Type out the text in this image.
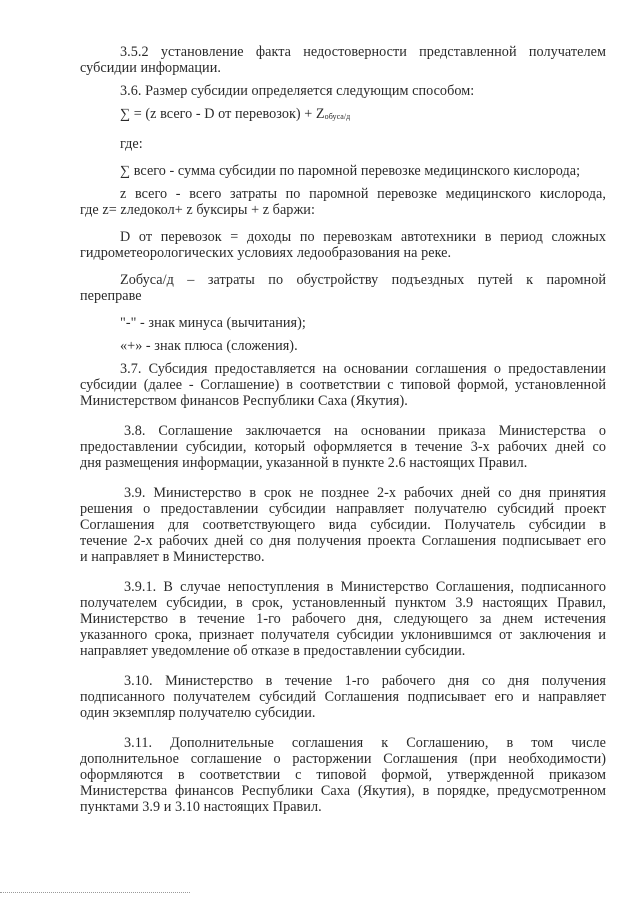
3.5.2 установление факта недостоверности представленной получателем
субсидии информации.
3.6. Размер субсидии определяется следующим способом:
∑ = (z всего - D от перевозок) + Zобуса/д
где:
∑ всего - сумма субсидии по паромной перевозке медицинского кислорода;
z всего - всего затраты по паромной перевозке медицинского кислорода,
где z= zледокол+ z буксиры + z баржи:
D от перевозок = доходы по перевозкам автотехники в период сложных
гидрометеорологических условиях ледообразования на реке.
Zобуса/д – затраты по обустройству подъездных путей к паромной
переправе
"-" - знак минуса (вычитания);
«+» - знак плюса (сложения).
3.7. Субсидия предоставляется на основании соглашения о предоставлении
субсидии (далее - Соглашение) в соответствии с типовой формой, установленной
Министерством финансов Республики Саха (Якутия).
3.8. Соглашение заключается на основании приказа Министерства о
предоставлении субсидии, который оформляется в течение 3-х рабочих дней со
дня размещения информации, указанной в пункте 2.6 настоящих Правил.
3.9. Министерство в срок не позднее 2-х рабочих дней со дня принятия
решения о предоставлении субсидии направляет получателю субсидий проект
Соглашения для соответствующего вида субсидии. Получатель субсидии в
течение 2-х рабочих дней со дня получения проекта Соглашения подписывает его
и направляет в Министерство.
3.9.1. В случае непоступления в Министерство Соглашения, подписанного
получателем субсидии, в срок, установленный пунктом 3.9 настоящих Правил,
Министерство в течение 1-го рабочего дня, следующего за днем истечения
указанного срока, признает получателя субсидии уклонившимся от заключения и
направляет уведомление об отказе в предоставлении субсидии.
3.10. Министерство в течение 1-го рабочего дня со дня получения
подписанного получателем субсидий Соглашения подписывает его и направляет
один экземпляр получателю субсидии.
3.11. Дополнительные соглашения к Соглашению, в том числе
дополнительное соглашение о расторжении Соглашения (при необходимости)
оформляются в соответствии с типовой формой, утвержденной приказом
Министерства финансов Республики Саха (Якутия), в порядке, предусмотренном
пунктами 3.9 и 3.10 настоящих Правил.
